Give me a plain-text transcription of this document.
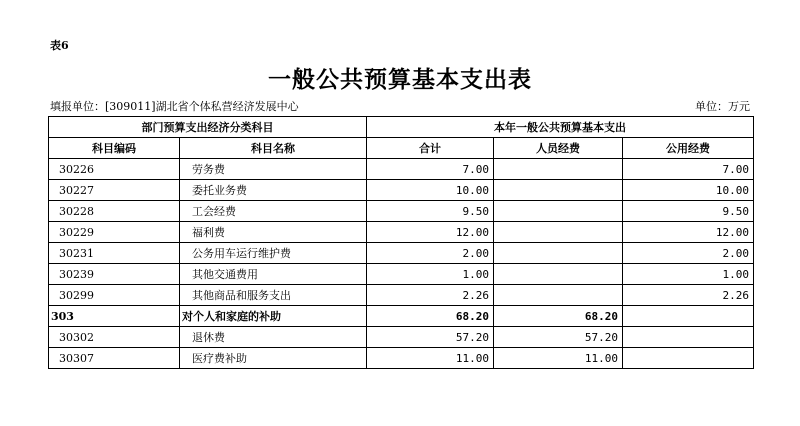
表6
一般公共预算基本支出表
填报单位：[309011]湖北省个体私营经济发展中心	单位：万元
部门预算支出经济分类科目		本年一般公共预算基本支出		
科目编码	科目名称	合计	人员经费	公用经费
30226	劳务费	7.00		7.00
30227	委托业务费	10.00		10.00
30228	工会经费	9.50		9.50
30229	福利费	12.00		12.00
30231	公务用车运行维护费	2.00		2.00
30239	其他交通费用	1.00		1.00
30299	其他商品和服务支出	2.26		2.26
303	对个人和家庭的补助	68.20	68.20	
30302	退休费	57.20	57.20	
30307	医疗费补助	11.00	11.00	
